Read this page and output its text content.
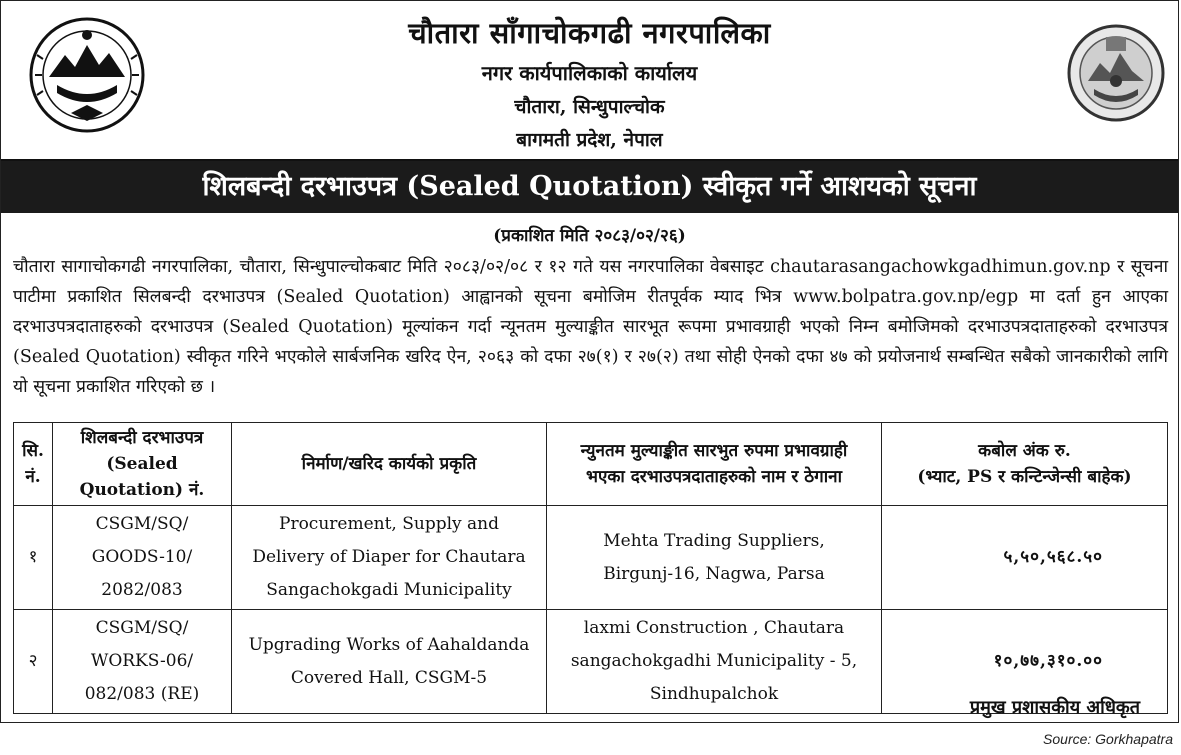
चौतारा साँगाचोकगढी नगरपालिका
नगर कार्यपालिकाको कार्यालय
चौतारा, सिन्धुपाल्चोक
बागमती प्रदेश, नेपाल
शिलबन्दी दरभाउपत्र (Sealed Quotation) स्वीकृत गर्ने आशयको सूचना
(प्रकाशित मिति २०८३/०२/२६)
चौतारा सागाचोकगढी नगरपालिका, चौतारा, सिन्धुपाल्चोकबाट मिति २०८३/०२/०८ र १२ गते यस नगरपालिका वेबसाइट chautarasangachowkgadhimun.gov.np र सूचना पाटीमा प्रकाशित सिलबन्दी दरभाउपत्र (Sealed Quotation) आह्वानको सूचना बमोजिम रीतपूर्वक म्याद भित्र www.bolpatra.gov.np/egp मा दर्ता हुन आएका दरभाउपत्रदाताहरुको दरभाउपत्र (Sealed Quotation) मूल्यांकन गर्दा न्यूनतम मुल्याङ्कीत सारभूत रूपमा प्रभावग्राही भएको निम्न बमोजिमको दरभाउपत्रदाताहरुको दरभाउपत्र (Sealed Quotation) स्वीकृत गरिने भएकोले सार्बजनिक खरिद ऐन, २०६३ को दफा २७(१) र २७(२) तथा सोही ऐनको दफा ४७ को प्रयोजनार्थ सम्बन्धित सबैको जानकारीको लागि यो सूचना प्रकाशित गरिएको छ ।
सि. नं.	शिलबन्दी दरभाउपत्र
(Sealed Quotation) नं.	निर्माण/खरिद कार्यको प्रकृति	न्युनतम मुल्याङ्कीत सारभुत रुपमा प्रभावग्राही
भएका दरभाउपत्रदाताहरुको नाम र ठेगाना	कबोल अंक रु.
(भ्याट, PS र कन्टिन्जेन्सी बाहेक)
१	CSGM/SQ/
GOODS-10/
2082/083	Procurement, Supply and
Delivery of Diaper for Chautara
Sangachokgadi Municipality	Mehta Trading Suppliers,
Birgunj-16, Nagwa, Parsa	५,५०,५६८.५०
२	CSGM/SQ/
WORKS-06/
082/083 (RE)	Upgrading Works of Aahaldanda
Covered Hall, CSGM-5	laxmi Construction , Chautara
sangachokgadhi Municipality - 5,
Sindhupalchok	१०,७७,३१०.००
प्रमुख प्रशासकीय अधिकृत
Source: Gorkhapatra
